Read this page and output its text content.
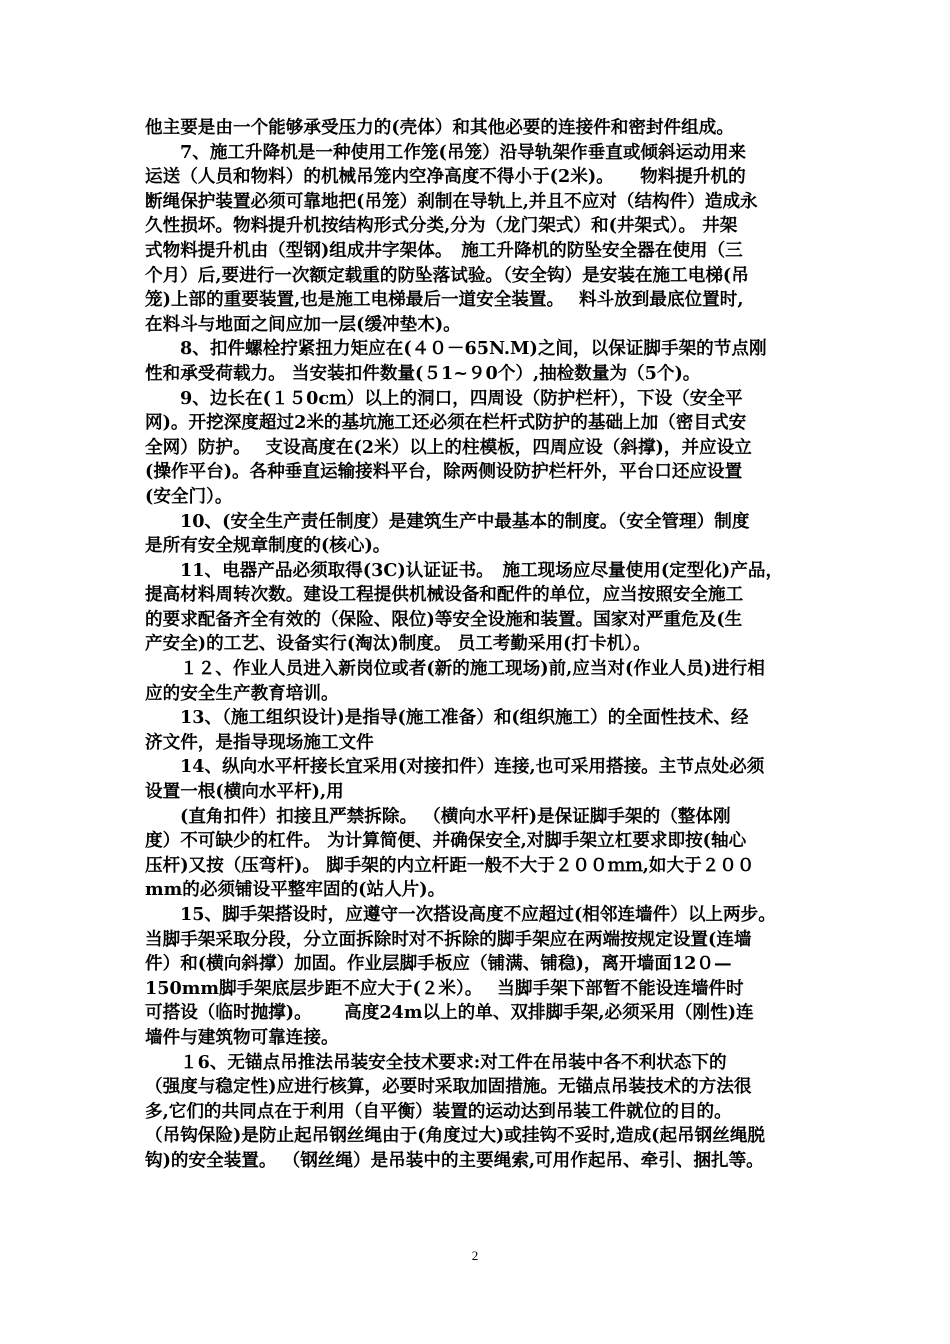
他主要是由一个能够承受压力的(壳体）和其他必要的连接件和密封件组成。
7、施工升降机是一种使用工作笼(吊笼）沿导轨架作垂直或倾斜运动用来
运送（人员和物料）的机械吊笼内空净高度不得小于(2米)。　　物料提升机的
断绳保护装置必须可靠地把(吊笼）刹制在导轨上,并且不应对（结构件）造成永
久性损坏。物料提升机按结构形式分类,分为（龙门架式）和(井架式）。 井架
式物料提升机由（型钢)组成井字架体。　施工升降机的防坠安全器在使用（三
个月）后,要进行一次额定载重的防坠落试验。（安全钩）是安装在施工电梯(吊
笼)上部的重要装置,也是施工电梯最后一道安全装置。　 料斗放到最底位置时,
在料斗与地面之间应加一层(缓冲垫木)。
8、扣件螺栓拧紧扭力矩应在(４０－65N.M)之间，以保证脚手架的节点刚
性和承受荷载力。 当安装扣件数量(５1~９0个）,抽检数量为（5个)。
9、边长在(１５0cｍ）以上的洞口，四周设（防护栏杆），下设（安全平
网)。开挖深度超过2米的基坑施工还必须在栏杆式防护的基础上加（密目式安
全网）防护。　 支设高度在(2米）以上的柱模板，四周应设（斜撑)，并应设立
(操作平台)。各种垂直运输接料平台，除两侧设防护栏杆外，平台口还应设置
(安全门）。
10、(安全生产责任制度）是建筑生产中最基本的制度。（安全管理）制度
是所有安全规章制度的(核心)。
11、电器产品必须取得(3C)认证证书。　施工现场应尽量使用(定型化)产品，
提高材料周转次数。建设工程提供机械设备和配件的单位，应当按照安全施工
的要求配备齐全有效的（保险、限位)等安全设施和装置。国家对严重危及(生
产安全)的工艺、设备实行(淘汰)制度。 员工考勤采用(打卡机）。
１２、作业人员进入新岗位或者(新的施工现场)前,应当对(作业人员)进行相
应的安全生产教育培训。
13、（施工组织设计)是指导(施工准备）和(组织施工）的全面性技术、经
济文件，是指导现场施工文件
14、纵向水平杆接长宜采用(对接扣件）连接,也可采用搭接。主节点处必须
设置一根(横向水平杆),用
(直角扣件）扣接且严禁拆除。 （横向水平杆)是保证脚手架的（整体刚
度）不可缺少的杠件。 为计算简便、并确保安全,对脚手架立杠要求即按(轴心
压杆)又按（压弯杆)。 脚手架的内立杆距一般不大于２００ｍｍ,如大于２００
mm的必须铺设平整牢固的(站人片)。
15、脚手架搭设时，应遵守一次搭设高度不应超过(相邻连墙件）以上两步。
当脚手架采取分段，分立面拆除时对不拆除的脚手架应在两端按规定设置(连墙
件）和(横向斜撑）加固。作业层脚手板应（铺满、铺稳)，离开墙面12０—
150mm脚手架底层步距不应大于(２米）。　 当脚手架下部暂不能设连墙件时
可搭设（临时抛撑)。　　 高度24m以上的单、双排脚手架,必须采用（刚性)连
墙件与建筑物可靠连接。
１6、无锚点吊推法吊装安全技术要求:对工件在吊装中各不利状态下的
（强度与稳定性)应进行核算，必要时采取加固措施。无锚点吊装技术的方法很
多,它们的共同点在于利用（自平衡）装置的运动达到吊装工件就位的目的。
（吊钩保险)是防止起吊钢丝绳由于(角度过大)或挂钩不妥时,造成(起吊钢丝绳脱
钩)的安全装置。 （钢丝绳）是吊装中的主要绳索,可用作起吊、牵引、捆扎等。
2
